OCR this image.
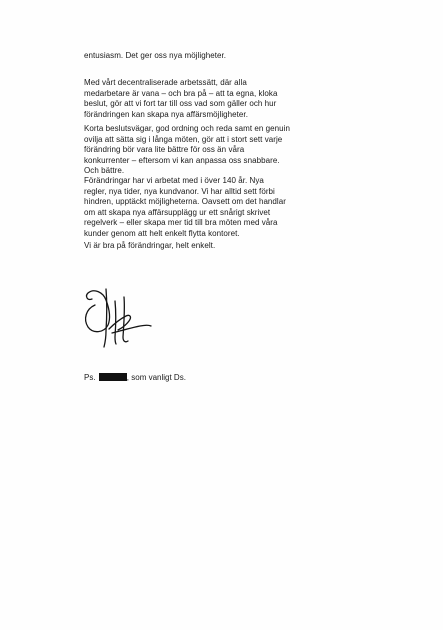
entusiasm. Det ger oss nya möjligheter.
Med vårt decentraliserade arbetssätt, där alla
medarbetare är vana – och bra på – att ta egna, kloka
beslut, gör att vi fort tar till oss vad som gäller och hur
förändringen kan skapa nya affärsmöjligheter.
Korta beslutsvägar, god ordning och reda samt en genuin
ovilja att sätta sig i långa möten, gör att i stort sett varje
förändring bör vara lite bättre för oss än våra
konkurrenter – eftersom vi kan anpassa oss snabbare.
Och bättre.
Förändringar har vi arbetat med i över 140 år. Nya
regler, nya tider, nya kundvanor. Vi har alltid sett förbi
hindren, upptäckt möjligheterna. Oavsett om det handlar
om att skapa nya affärsupplägg ur ett snårigt skrivet
regelverk – eller skapa mer tid till bra möten med våra
kunder genom att helt enkelt flytta kontoret.
Vi är bra på förändringar, helt enkelt.
Ps.	, som vanligt Ds.
